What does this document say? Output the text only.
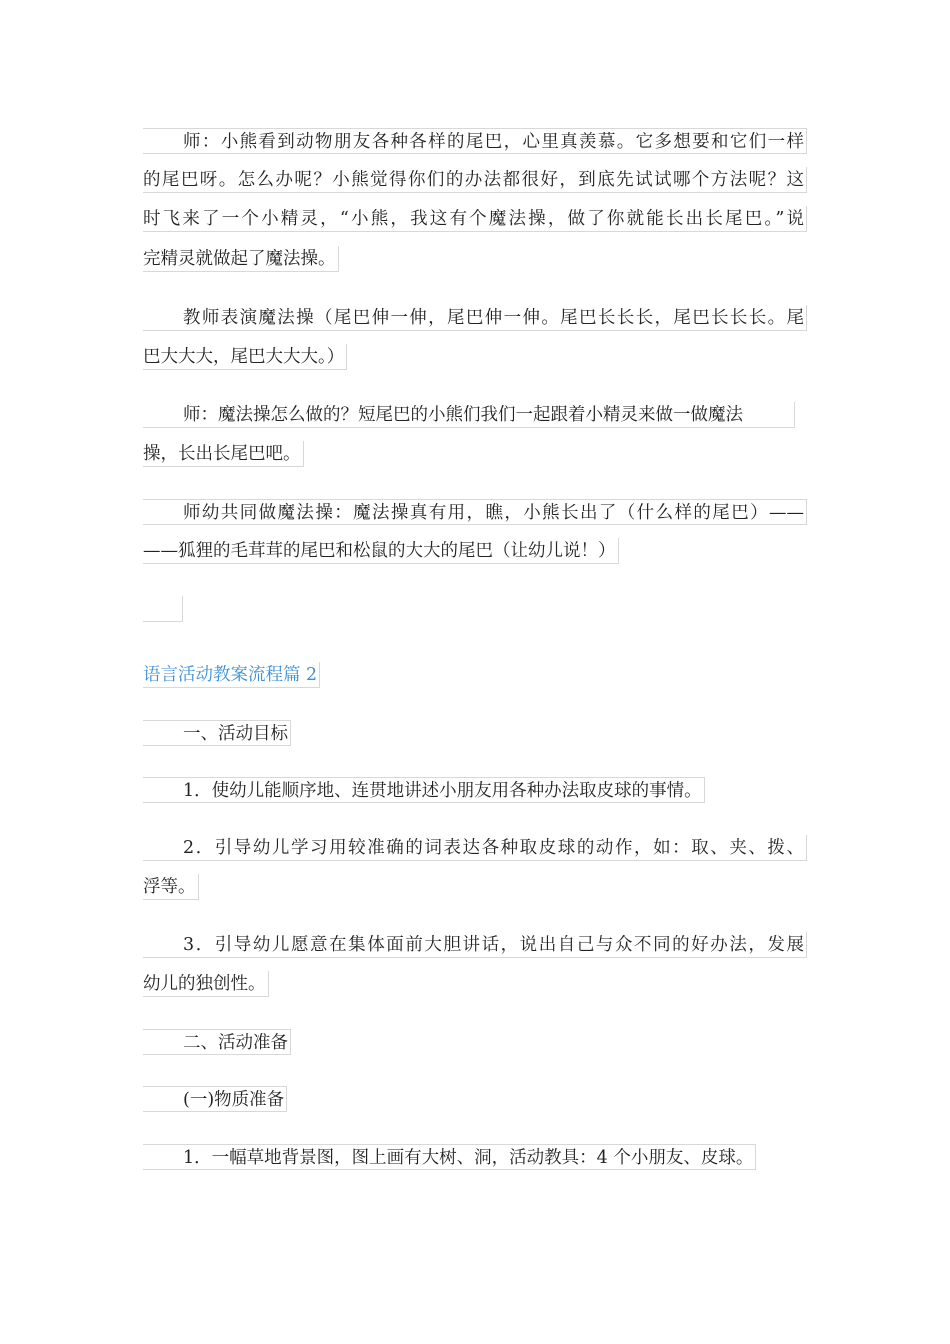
师：小熊看到动物朋友各种各样的尾巴，心里真羡慕。它多想要和它们一样
的尾巴呀。怎么办呢？小熊觉得你们的办法都很好，到底先试试哪个方法呢？这
时飞来了一个小精灵，“小熊，我这有个魔法操，做了你就能长出长尾巴。”说
完精灵就做起了魔法操。
教师表演魔法操（尾巴伸一伸，尾巴伸一伸。尾巴长长长，尾巴长长长。尾
巴大大大，尾巴大大大。）
师：魔法操怎么做的？短尾巴的小熊们我们一起跟着小精灵来做一做魔法
操，长出长尾巴吧。
师幼共同做魔法操：魔法操真有用，瞧，小熊长出了（什么样的尾巴）——
——狐狸的毛茸茸的尾巴和松鼠的大大的尾巴（让幼儿说！）
语言活动教案流程篇 2
一、活动目标
1．使幼儿能顺序地、连贯地讲述小朋友用各种办法取皮球的事情。
2．引导幼儿学习用较准确的词表达各种取皮球的动作，如：取、夹、拨、
浮等。
3．引导幼儿愿意在集体面前大胆讲话，说出自己与众不同的好办法，发展
幼儿的独创性。
二、活动准备
(一)物质准备
1．一幅草地背景图，图上画有大树、洞，活动教具：4 个小朋友、皮球。
